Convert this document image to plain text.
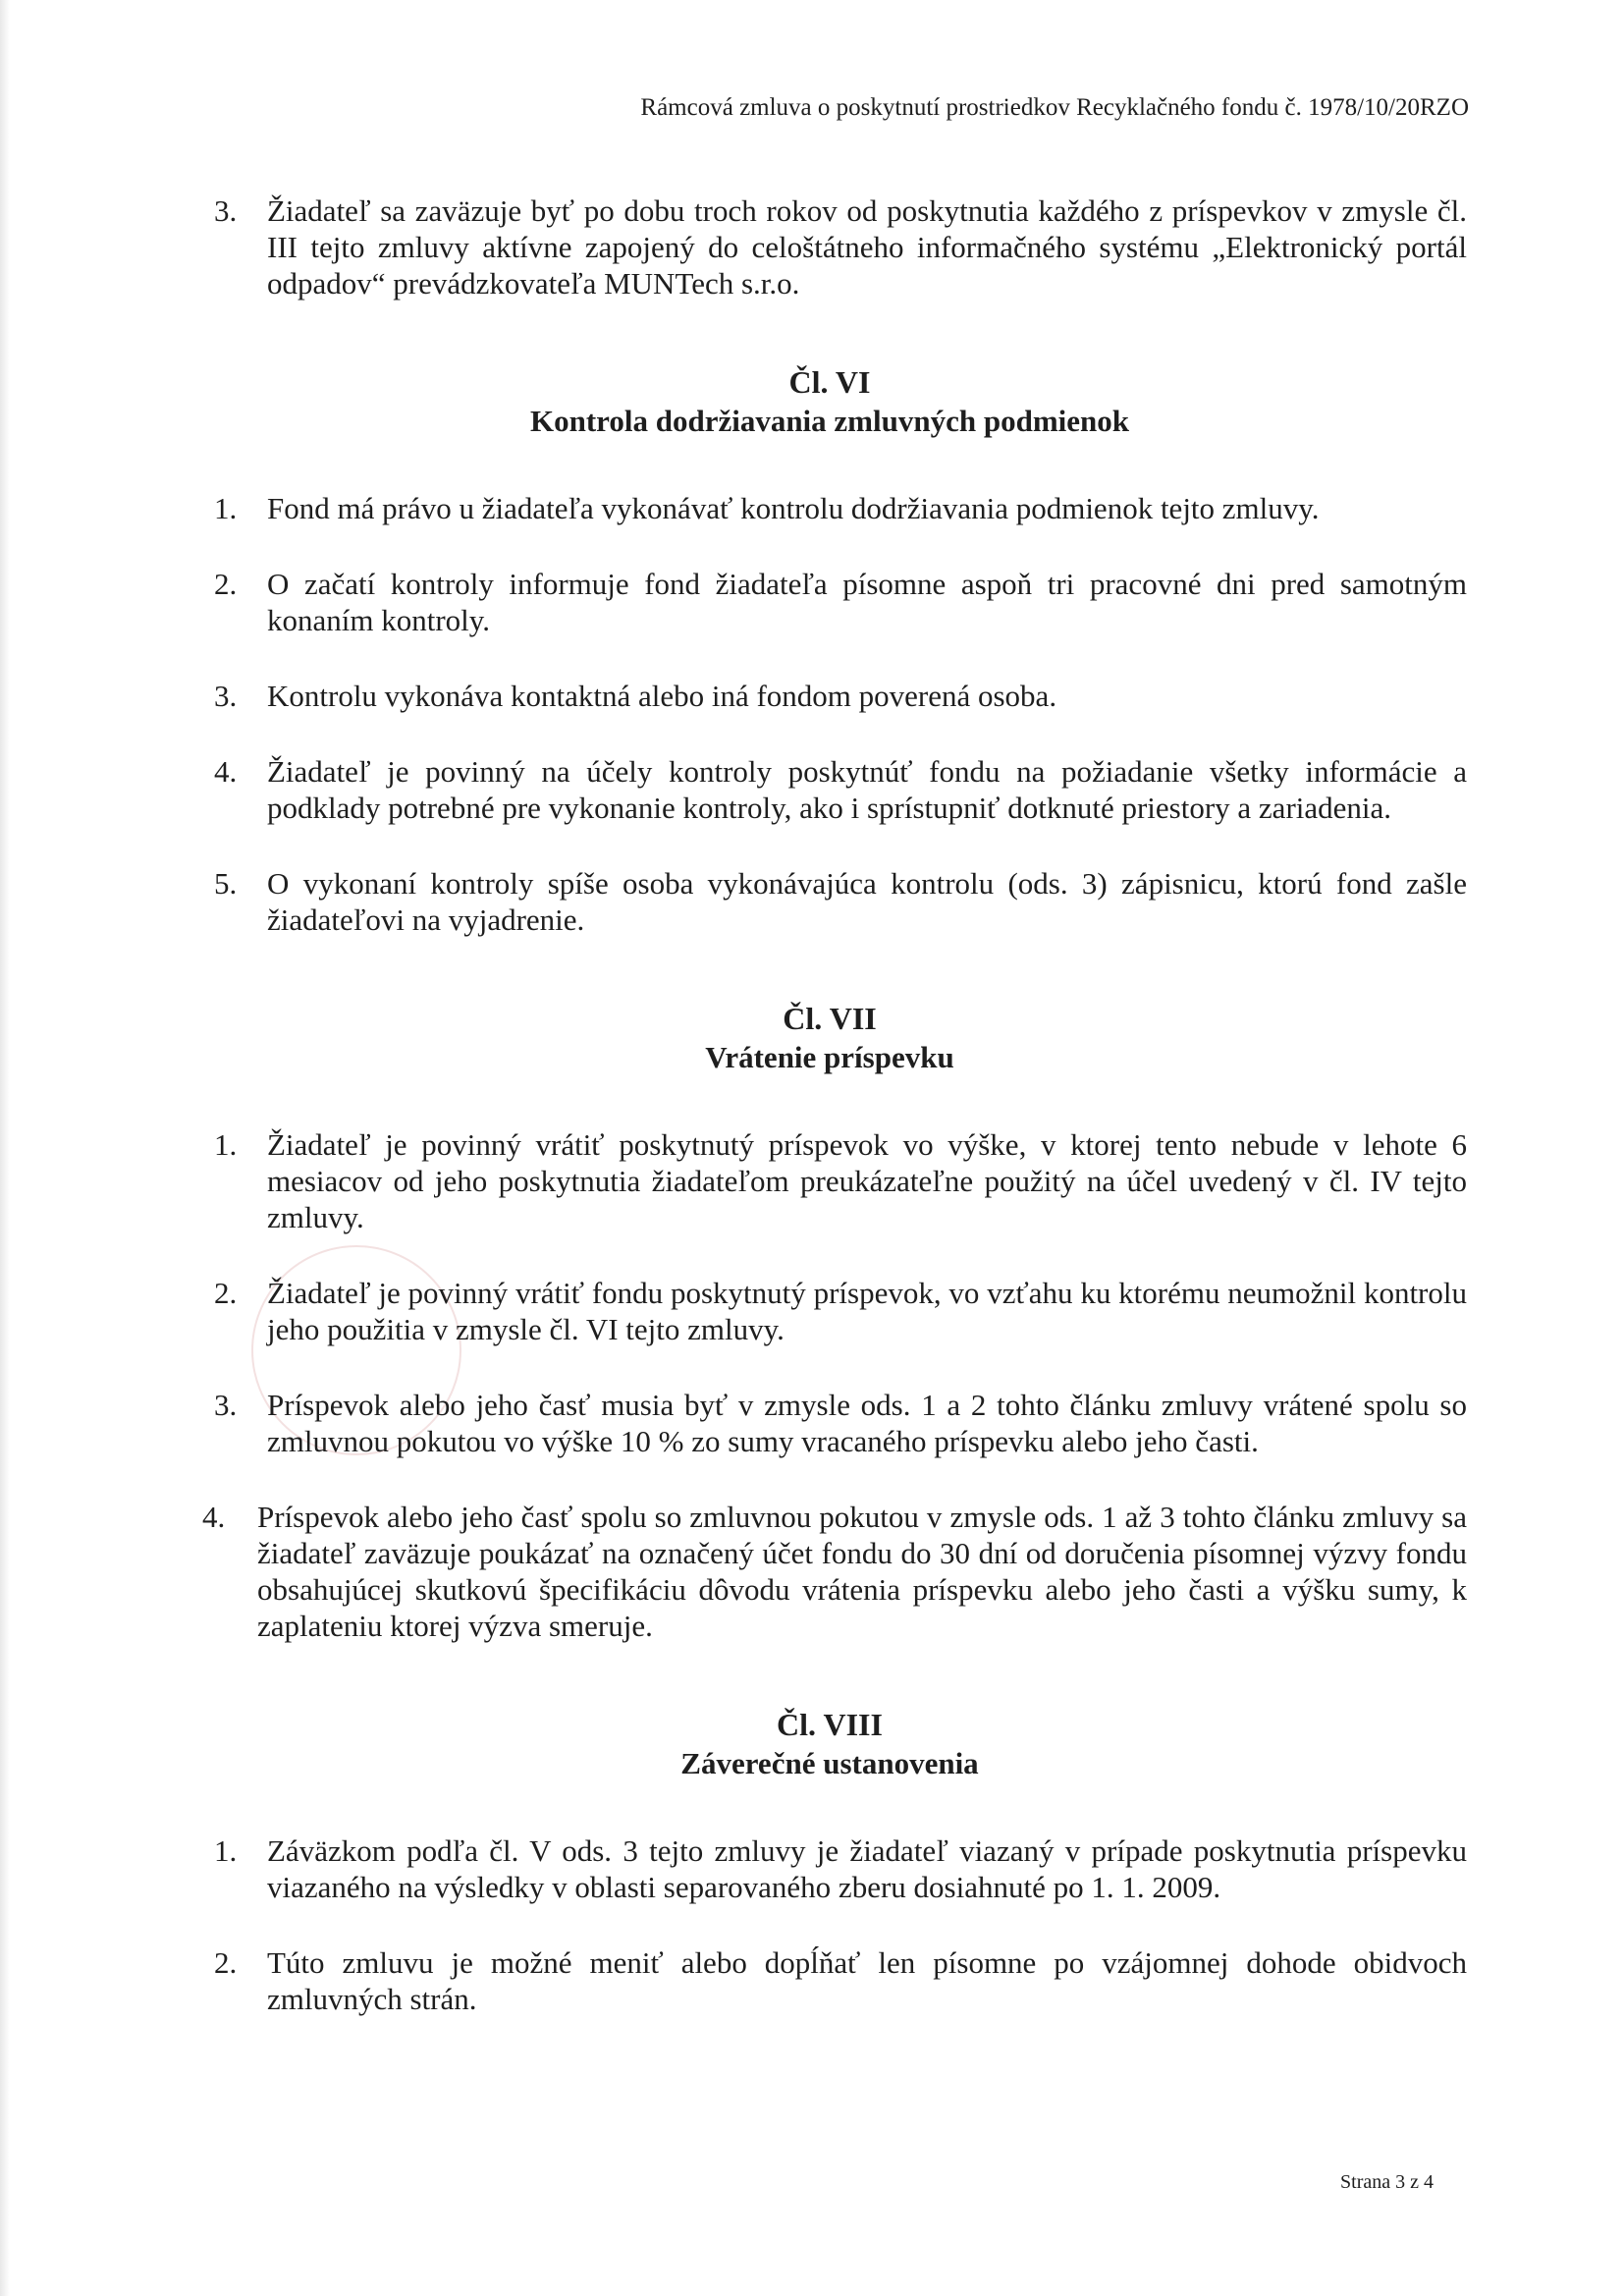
Rámcová zmluva o poskytnutí prostriedkov Recyklačného fondu č. 1978/10/20RZO
3. Žiadateľ sa zaväzuje byť po dobu troch rokov od poskytnutia každého z príspevkov v zmysle čl. III tejto zmluvy aktívne zapojený do celoštátneho informačného systému „Elektronický portál odpadov“ prevádzkovateľa MUNTech s.r.o.
Čl. VI
Kontrola dodržiavania zmluvných podmienok
1. Fond má právo u žiadateľa vykonávať kontrolu dodržiavania podmienok tejto zmluvy.
2. O začatí kontroly informuje fond žiadateľa písomne aspoň tri pracovné dni pred samotným konaním kontroly.
3. Kontrolu vykonáva kontaktná alebo iná fondom poverená osoba.
4. Žiadateľ je povinný na účely kontroly poskytnúť fondu na požiadanie všetky informácie a podklady potrebné pre vykonanie kontroly, ako i sprístupniť dotknuté priestory a zariadenia.
5. O vykonaní kontroly spíše osoba vykonávajúca kontrolu (ods. 3) zápisnicu, ktorú fond zašle žiadateľovi na vyjadrenie.
Čl. VII
Vrátenie príspevku
1. Žiadateľ je povinný vrátiť poskytnutý príspevok vo výške, v ktorej tento nebude v lehote 6 mesiacov od jeho poskytnutia žiadateľom preukázateľne použitý na účel uvedený v čl. IV tejto zmluvy.
2. Žiadateľ je povinný vrátiť fondu poskytnutý príspevok, vo vzťahu ku ktorému neumožnil kontrolu jeho použitia v zmysle čl. VI tejto zmluvy.
3. Príspevok alebo jeho časť musia byť v zmysle ods. 1 a 2 tohto článku zmluvy vrátené spolu so zmluvnou pokutou vo výške 10 % zo sumy vracaného príspevku alebo jeho časti.
4. Príspevok alebo jeho časť spolu so zmluvnou pokutou v zmysle ods. 1 až 3 tohto článku zmluvy sa žiadateľ zaväzuje poukázať na označený účet fondu do 30 dní od doručenia písomnej výzvy fondu obsahujúcej skutkovú špecifikáciu dôvodu vrátenia príspevku alebo jeho časti a výšku sumy, k zaplateniu ktorej výzva smeruje.
Čl. VIII
Záverečné ustanovenia
1. Záväzkom podľa čl. V ods. 3 tejto zmluvy je žiadateľ viazaný v prípade poskytnutia príspevku viazaného na výsledky v oblasti separovaného zberu dosiahnuté po 1. 1. 2009.
2. Túto zmluvu je možné meniť alebo dopĺňať len písomne po vzájomnej dohode obidvoch zmluvných strán.
Strana 3 z 4
